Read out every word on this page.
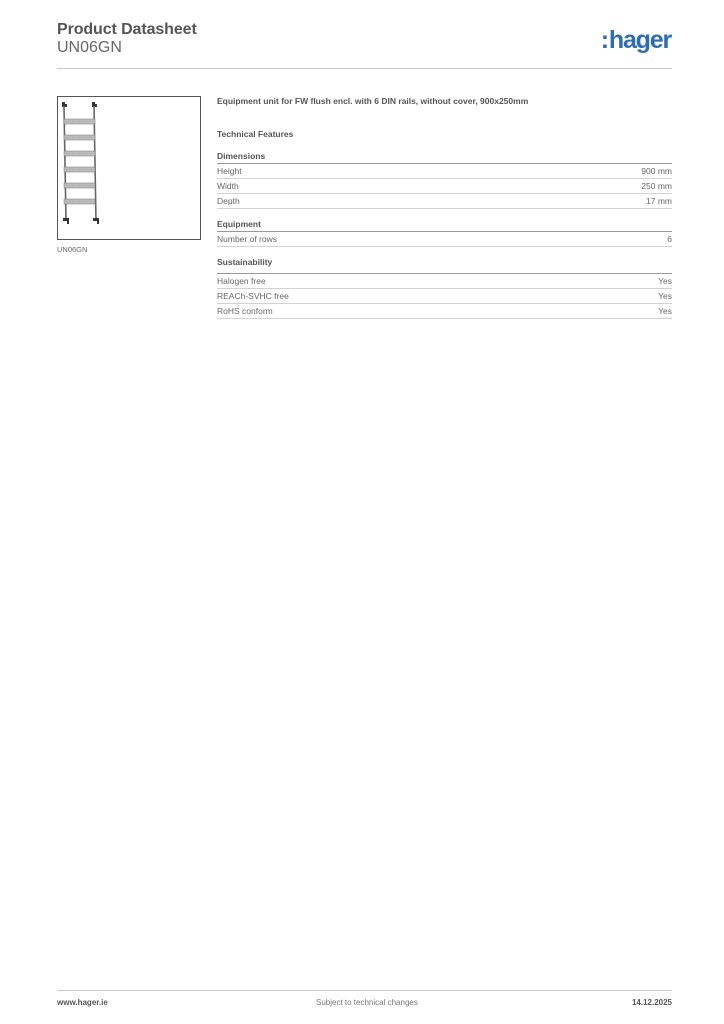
Product Datasheet
UN06GN	:hager
UN06GN

Equipment unit for FW flush encl. with 6 DIN rails, without cover, 900x250mm

Technical Features

Dimensions
Height	900 mm
Width	250 mm
Depth	17 mm
Equipment
Number of rows	6
Sustainability
Halogen free	Yes
REACh-SVHC free	Yes
RoHS conform	Yes
www.hager.ie	Subject to technical changes	14.12.2025
